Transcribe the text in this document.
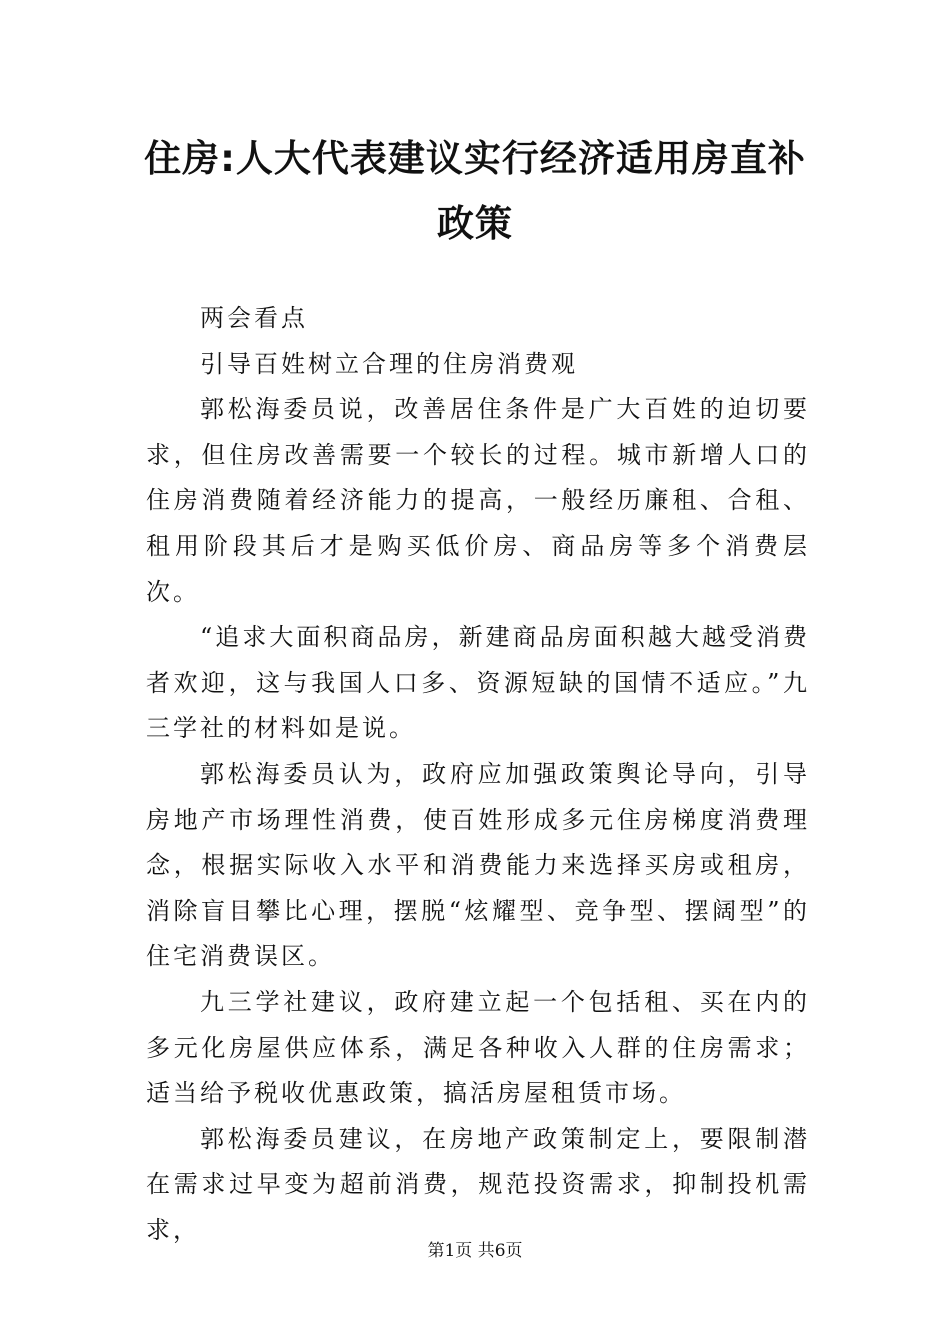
住房:人大代表建议实行经济适用房直补
政策

两会看点

引导百姓树立合理的住房消费观

郭松海委员说，改善居住条件是广大百姓的迫切要求，但住房改善需要一个较长的过程。城市新增人口的住房消费随着经济能力的提高，一般经历廉租、合租、租用阶段其后才是购买低价房、商品房等多个消费层次。

“追求大面积商品房，新建商品房面积越大越受消费者欢迎，这与我国人口多、资源短缺的国情不适应。”九三学社的材料如是说。

郭松海委员认为，政府应加强政策舆论导向，引导房地产市场理性消费，使百姓形成多元住房梯度消费理念，根据实际收入水平和消费能力来选择买房或租房，消除盲目攀比心理，摆脱“炫耀型、竞争型、摆阔型”的住宅消费误区。

九三学社建议，政府建立起一个包括租、买在内的多元化房屋供应体系，满足各种收入人群的住房需求；适当给予税收优惠政策，搞活房屋租赁市场。

郭松海委员建议，在房地产政策制定上，要限制潜在需求过早变为超前消费，规范投资需求，抑制投机需求，

第1页 共6页
